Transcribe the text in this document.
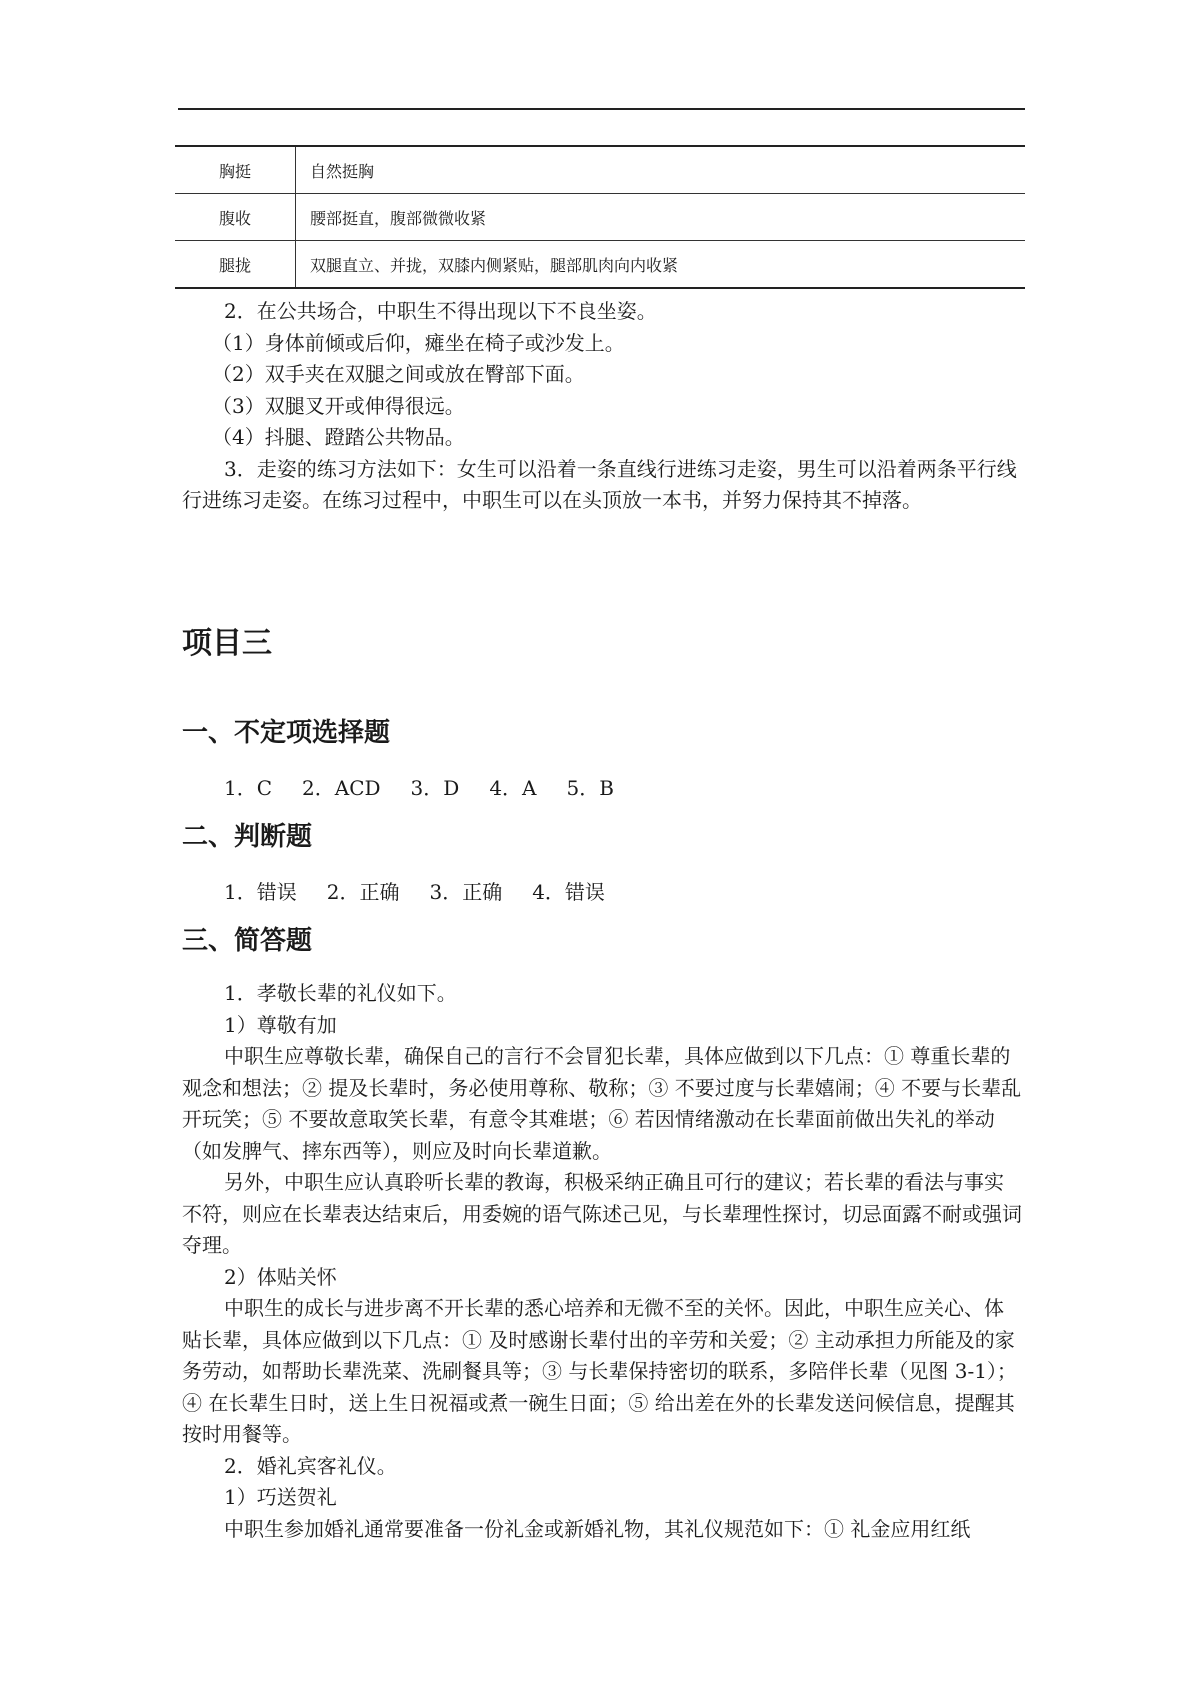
胸挺	自然挺胸
腹收	腰部挺直，腹部微微收紧
腿拢	双腿直立、并拢，双膝内侧紧贴，腿部肌肉向内收紧

2．在公共场合，中职生不得出现以下不良坐姿。

（1）身体前倾或后仰，瘫坐在椅子或沙发上。

（2）双手夹在双腿之间或放在臀部下面。

（3）双腿叉开或伸得很远。

（4）抖腿、蹬踏公共物品。

3．走姿的练习方法如下：女生可以沿着一条直线行进练习走姿，男生可以沿着两条平行线行进练习走姿。在练习过程中，中职生可以在头顶放一本书，并努力保持其不掉落。

项目三
一、不定项选择题
1．C 2．ACD 3．D 4．A 5．B
二、判断题
1．错误 2．正确 3．正确 4．错误
三、简答题

1．孝敬长辈的礼仪如下。

1）尊敬有加

中职生应尊敬长辈，确保自己的言行不会冒犯长辈，具体应做到以下几点：① 尊重长辈的观念和想法；② 提及长辈时，务必使用尊称、敬称；③ 不要过度与长辈嬉闹；④ 不要与长辈乱开玩笑；⑤ 不要故意取笑长辈，有意令其难堪；⑥ 若因情绪激动在长辈面前做出失礼的举动（如发脾气、摔东西等），则应及时向长辈道歉。

另外，中职生应认真聆听长辈的教诲，积极采纳正确且可行的建议；若长辈的看法与事实不符，则应在长辈表达结束后，用委婉的语气陈述己见，与长辈理性探讨，切忌面露不耐或强词夺理。

2）体贴关怀

中职生的成长与进步离不开长辈的悉心培养和无微不至的关怀。因此，中职生应关心、体贴长辈，具体应做到以下几点：① 及时感谢长辈付出的辛劳和关爱；② 主动承担力所能及的家务劳动，如帮助长辈洗菜、洗刷餐具等；③ 与长辈保持密切的联系，多陪伴长辈（见图 3-1）；④ 在长辈生日时，送上生日祝福或煮一碗生日面；⑤ 给出差在外的长辈发送问候信息，提醒其按时用餐等。

2．婚礼宾客礼仪。

1）巧送贺礼

中职生参加婚礼通常要准备一份礼金或新婚礼物，其礼仪规范如下：① 礼金应用红纸
